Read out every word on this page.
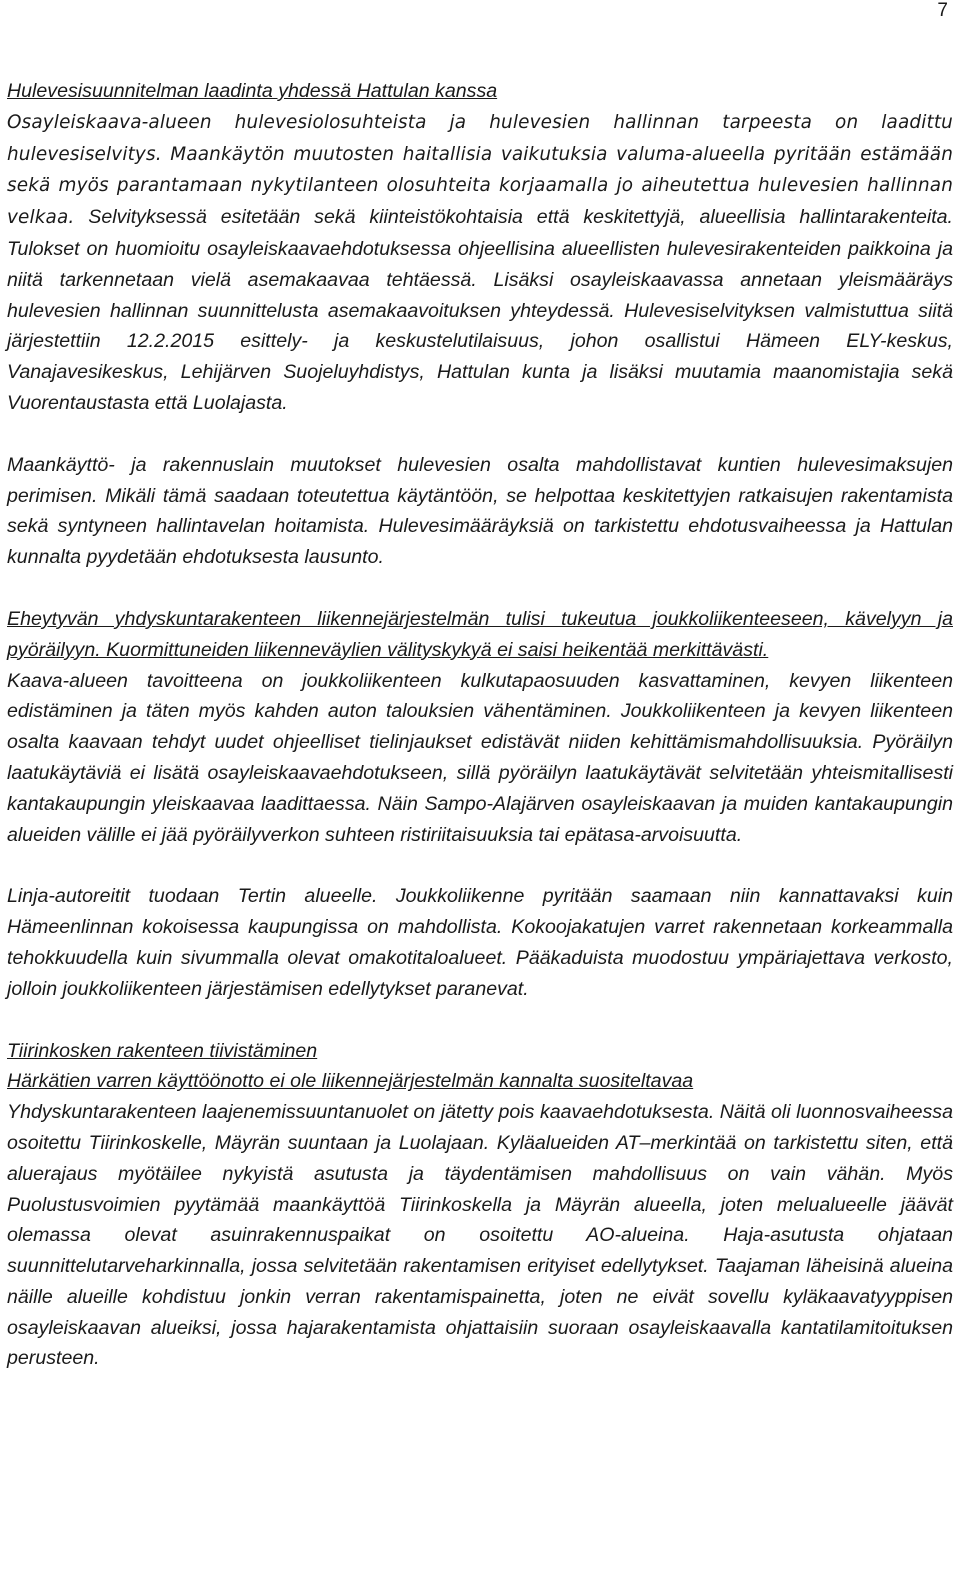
7

Hulevesisuunnitelman laadinta yhdessä Hattulan kanssa
Osayleiskaava-alueen hulevesiolosuhteista ja hulevesien hallinnan tarpeesta on laadittu hulevesiselvitys. Maankäytön muutosten haitallisia vaikutuksia valuma-alueella pyritään estämään sekä myös parantamaan nykytilanteen olosuhteita korjaamalla jo aiheutettua hulevesien hallinnan velkaa. Selvityksessä esitetään sekä kiinteistökohtaisia että keskitettyjä, alueellisia hallintarakenteita. Tulokset on huomioitu osayleiskaavaehdotuksessa ohjeellisina alueellisten hulevesirakenteiden paikkoina ja niitä tarkennetaan vielä asemakaavaa tehtäessä. Lisäksi osayleiskaavassa annetaan yleismääräys hulevesien hallinnan suunnittelusta asemakaavoituksen yhteydessä. Hulevesiselvityksen valmistuttua siitä järjestettiin 12.2.2015 esittely- ja keskustelutilaisuus, johon osallistui Hämeen ELY-keskus, Vanajavesikeskus, Lehijärven Suojeluyhdistys, Hattulan kunta ja lisäksi muutamia maanomistajia sekä Vuorentaustasta että Luolajasta.

Maankäyttö- ja rakennuslain muutokset hulevesien osalta mahdollistavat kuntien hulevesimaksujen perimisen. Mikäli tämä saadaan toteutettua käytäntöön, se helpottaa keskitettyjen ratkaisujen rakentamista sekä syntyneen hallintavelan hoitamista. Hulevesimääräyksiä on tarkistettu ehdotusvaiheessa ja Hattulan kunnalta pyydetään ehdotuksesta lausunto.

Eheytyvän yhdyskuntarakenteen liikennejärjestelmän tulisi tukeutua joukkoliikenteeseen, kävelyyn ja pyöräilyyn. Kuormittuneiden liikenneväylien välityskykyä ei saisi heikentää merkittävästi.
Kaava-alueen tavoitteena on joukkoliikenteen kulkutapaosuuden kasvattaminen, kevyen liikenteen edistäminen ja täten myös kahden auton talouksien vähentäminen. Joukkoliikenteen ja kevyen liikenteen osalta kaavaan tehdyt uudet ohjeelliset tielinjaukset edistävät niiden kehittämismahdollisuuksia. Pyöräilyn laatukäytäviä ei lisätä osayleiskaavaehdotukseen, sillä pyöräilyn laatukäytävät selvitetään yhteismitallisesti kantakaupungin yleiskaavaa laadittaessa. Näin Sampo-Alajärven osayleiskaavan ja muiden kantakaupungin alueiden välille ei jää pyöräilyverkon suhteen ristiriitaisuuksia tai epätasa-arvoisuutta.

Linja-autoreitit tuodaan Tertin alueelle. Joukkoliikenne pyritään saamaan niin kannattavaksi kuin Hämeenlinnan kokoisessa kaupungissa on mahdollista. Kokoojakatujen varret rakennetaan korkeammalla tehokkuudella kuin sivummalla olevat omakotitaloalueet. Pääkaduista muodostuu ympäriajettava verkosto, jolloin joukkoliikenteen järjestämisen edellytykset paranevat.

Tiirinkosken rakenteen tiivistäminen
Härkätien varren käyttöönotto ei ole liikennejärjestelmän kannalta suositeltavaa
Yhdyskuntarakenteen laajenemissuuntanuolet on jätetty pois kaavaehdotuksesta. Näitä oli luonnosvaiheessa osoitettu Tiirinkoskelle, Mäyrän suuntaan ja Luolajaan. Kyläalueiden AT–merkintää on tarkistettu siten, että aluerajaus myötäilee nykyistä asutusta ja täydentämisen mahdollisuus on vain vähän. Myös Puolustusvoimien pyytämää maankäyttöä Tiirinkoskella ja Mäyrän alueella, joten melualueelle jäävät olemassa olevat asuinrakennuspaikat on osoitettu AO-alueina. Haja-asutusta ohjataan suunnittelutarveharkinnalla, jossa selvitetään rakentamisen erityiset edellytykset. Taajaman läheisinä alueina näille alueille kohdistuu jonkin verran rakentamispainetta, joten ne eivät sovellu kyläkaavatyyppisen osayleiskaavan alueiksi, jossa hajarakentamista ohjattaisiin suoraan osayleiskaavalla kantatilamitoituksen perusteen.
